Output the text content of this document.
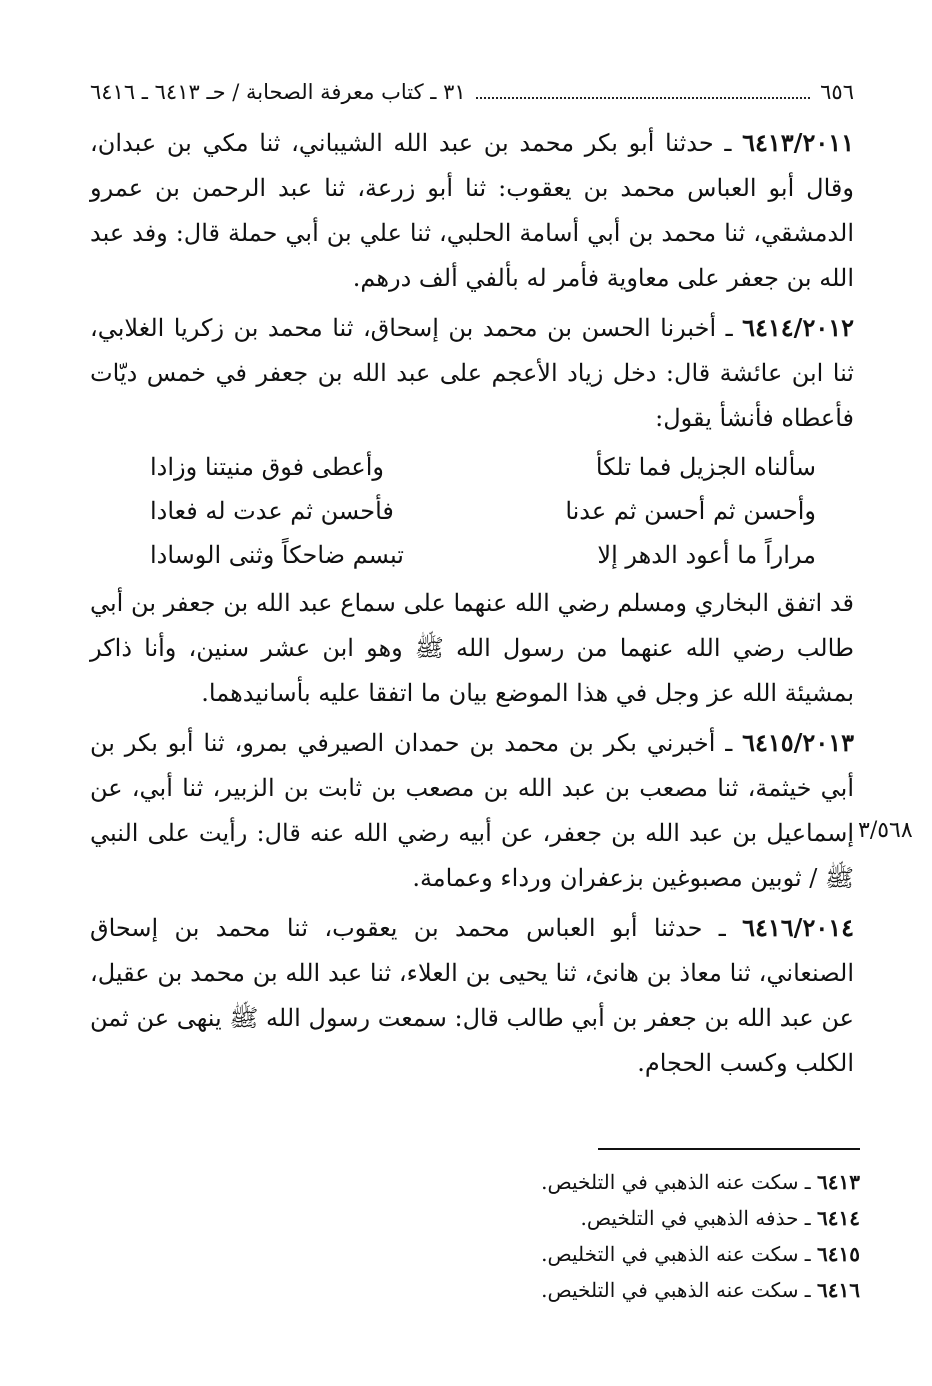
٦٥٦
٣١ ـ كتاب معرفة الصحابة / حـ ٦٤١٣ ـ ٦٤١٦

٦٤١٣/٢٠١١ ـ حدثنا أبو بكر محمد بن عبد الله الشيباني، ثنا مكي بن عبدان، وقال أبو العباس محمد بن يعقوب: ثنا أبو زرعة، ثنا عبد الرحمن بن عمرو الدمشقي، ثنا محمد بن أبي أسامة الحلبي، ثنا علي بن أبي حملة قال: وفد عبد الله بن جعفر على معاوية فأمر له بألفي ألف درهم.

٦٤١٤/٢٠١٢ ـ أخبرنا الحسن بن محمد بن إسحاق، ثنا محمد بن زكريا الغلابي، ثنا ابن عائشة قال: دخل زياد الأعجم على عبد الله بن جعفر في خمس ديّات فأعطاه فأنشأ يقول:

سألناه الجزيل فما تلكأ
وأعطى فوق منيتنا وزادا
وأحسن ثم أحسن ثم عدنا
فأحسن ثم عدت له فعادا
مراراً ما أعود الدهر إلا
تبسم ضاحكاً وثنى الوسادا

قد اتفق البخاري ومسلم رضي الله عنهما على سماع عبد الله بن جعفر بن أبي طالب رضي الله عنهما من رسول الله ﷺ وهو ابن عشر سنين، وأنا ذاكر بمشيئة الله عز وجل في هذا الموضع بيان ما اتفقا عليه بأسانيدهما.

٦٤١٥/٢٠١٣ ـ أخبرني بكر بن محمد بن حمدان الصيرفي بمرو، ثنا أبو بكر بن أبي خيثمة، ثنا مصعب بن عبد الله بن مصعب بن ثابت بن الزبير، ثنا أبي، عن إسماعيل بن عبد الله بن جعفر، عن أبيه رضي الله عنه قال: رأيت على النبي ﷺ / ثوبين مصبوغين بزعفران ورداء وعمامة.

٦٤١٦/٢٠١٤ ـ حدثنا أبو العباس محمد بن يعقوب، ثنا محمد بن إسحاق الصنعاني، ثنا معاذ بن هانئ، ثنا يحيى بن العلاء، ثنا عبد الله بن محمد بن عقيل، عن عبد الله بن جعفر بن أبي طالب قال: سمعت رسول الله ﷺ ينهى عن ثمن الكلب وكسب الحجام.

٣/٥٦٨
٦٤١٣ ـ سكت عنه الذهبي في التلخيص.
٦٤١٤ ـ حذفه الذهبي في التلخيص.
٦٤١٥ ـ سكت عنه الذهبي في التخليص.
٦٤١٦ ـ سكت عنه الذهبي في التلخيص.
